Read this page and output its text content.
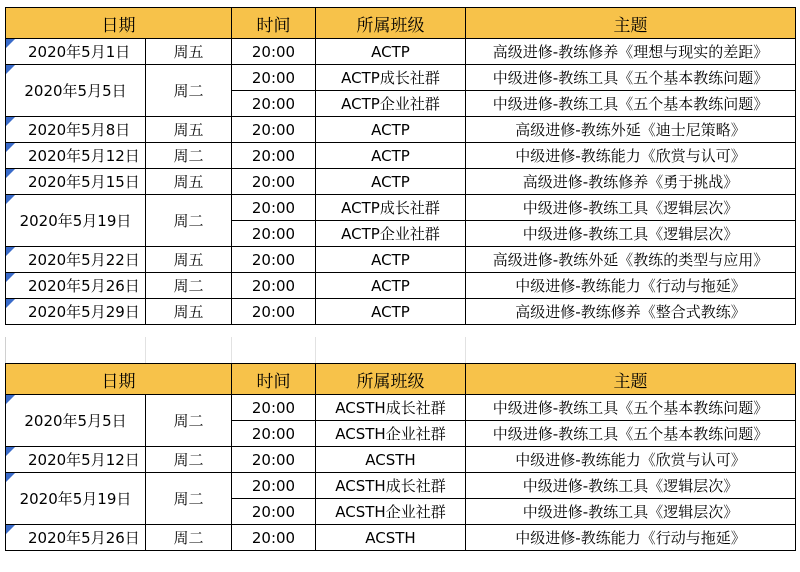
日期		时间	所属班级	主题

2020年5月1日	周五	20:00	ACTP	高级进修-教练修养《理想与现实的差距》

2020年5月5日	周二	20:00	ACTP成长社群	中级进修-教练工具《五个基本教练问题》
		20:00	ACTP企业社群	中级进修-教练工具《五个基本教练问题》

2020年5月8日	周五	20:00	ACTP	高级进修-教练外延《迪士尼策略》

2020年5月12日	周二	20:00	ACTP	中级进修-教练能力《欣赏与认可》

2020年5月15日	周五	20:00	ACTP	高级进修-教练修养《勇于挑战》

2020年5月19日	周二	20:00	ACTP成长社群	中级进修-教练工具《逻辑层次》
		20:00	ACTP企业社群	中级进修-教练工具《逻辑层次》

2020年5月22日	周五	20:00	ACTP	高级进修-教练外延《教练的类型与应用》

2020年5月26日	周二	20:00	ACTP	中级进修-教练能力《行动与拖延》

2020年5月29日	周五	20:00	ACTP	高级进修-教练修养《整合式教练》
日期		时间	所属班级	主题

2020年5月5日	周二	20:00	ACSTH成长社群	中级进修-教练工具《五个基本教练问题》
		20:00	ACSTH企业社群	中级进修-教练工具《五个基本教练问题》

2020年5月12日	周二	20:00	ACSTH	中级进修-教练能力《欣赏与认可》

2020年5月19日	周二	20:00	ACSTH成长社群	中级进修-教练工具《逻辑层次》
		20:00	ACSTH企业社群	中级进修-教练工具《逻辑层次》

2020年5月26日	周二	20:00	ACSTH	中级进修-教练能力《行动与拖延》
